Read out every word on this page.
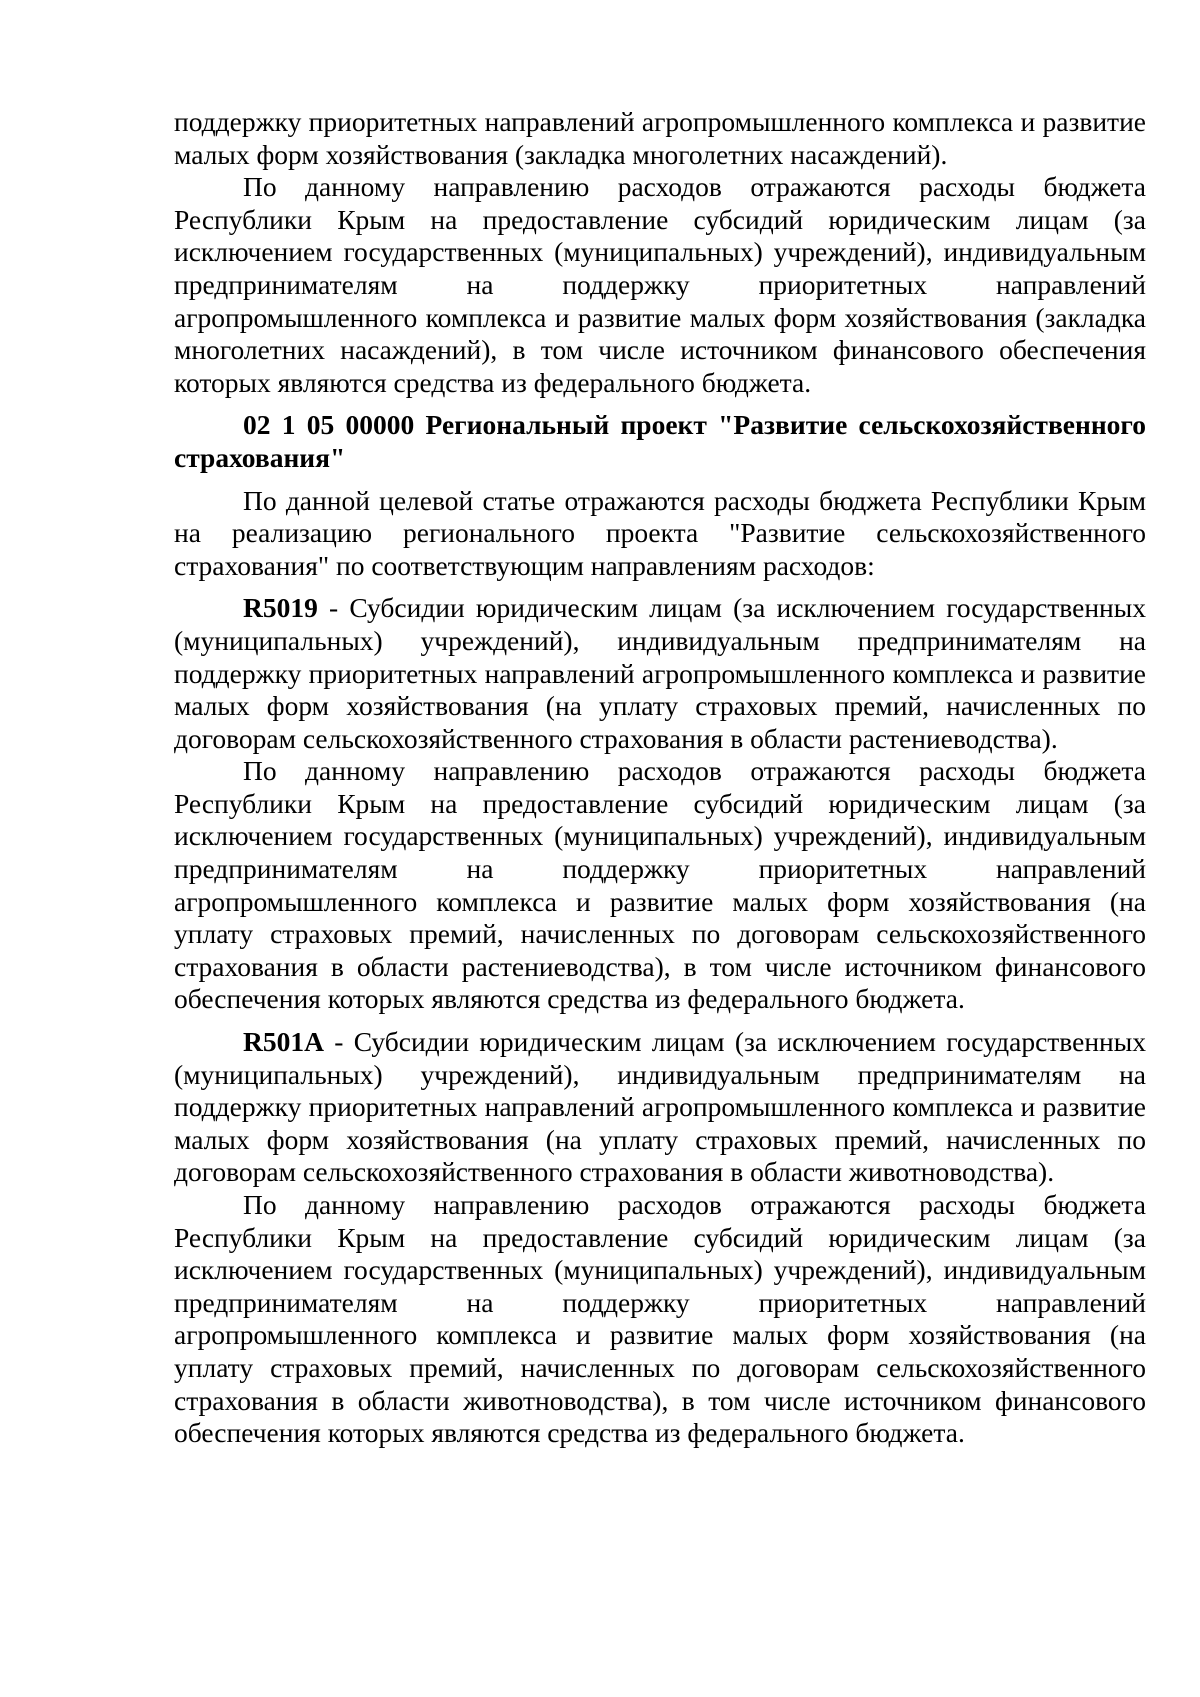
поддержку приоритетных направлений агропромышленного комплекса и развитие малых форм хозяйствования (закладка многолетних насаждений).

По данному направлению расходов отражаются расходы бюджета Республики Крым на предоставление субсидий юридическим лицам (за исключением государственных (муниципальных) учреждений), индивидуальным предпринимателям на поддержку приоритетных направлений агропромышленного комплекса и развитие малых форм хозяйствования (закладка многолетних насаждений), в том числе источником финансового обеспечения которых являются средства из федерального бюджета.

02 1 05 00000 Региональный проект "Развитие сельскохозяйственного страхования"

По данной целевой статье отражаются расходы бюджета Республики Крым на реализацию регионального проекта "Развитие сельскохозяйственного страхования" по соответствующим направлениям расходов:

R5019 - Субсидии юридическим лицам (за исключением государственных (муниципальных) учреждений), индивидуальным предпринимателям на поддержку приоритетных направлений агропромышленного комплекса и развитие малых форм хозяйствования (на уплату страховых премий, начисленных по договорам сельскохозяйственного страхования в области растениеводства).

По данному направлению расходов отражаются расходы бюджета Республики Крым на предоставление субсидий юридическим лицам (за исключением государственных (муниципальных) учреждений), индивидуальным предпринимателям на поддержку приоритетных направлений агропромышленного комплекса и развитие малых форм хозяйствования (на уплату страховых премий, начисленных по договорам сельскохозяйственного страхования в области растениеводства), в том числе источником финансового обеспечения которых являются средства из федерального бюджета.

R501A - Субсидии юридическим лицам (за исключением государственных (муниципальных) учреждений), индивидуальным предпринимателям на поддержку приоритетных направлений агропромышленного комплекса и развитие малых форм хозяйствования (на уплату страховых премий, начисленных по договорам сельскохозяйственного страхования в области животноводства).

По данному направлению расходов отражаются расходы бюджета Республики Крым на предоставление субсидий юридическим лицам (за исключением государственных (муниципальных) учреждений), индивидуальным предпринимателям на поддержку приоритетных направлений агропромышленного комплекса и развитие малых форм хозяйствования (на уплату страховых премий, начисленных по договорам сельскохозяйственного страхования в области животноводства), в том числе источником финансового обеспечения которых являются средства из федерального бюджета.
